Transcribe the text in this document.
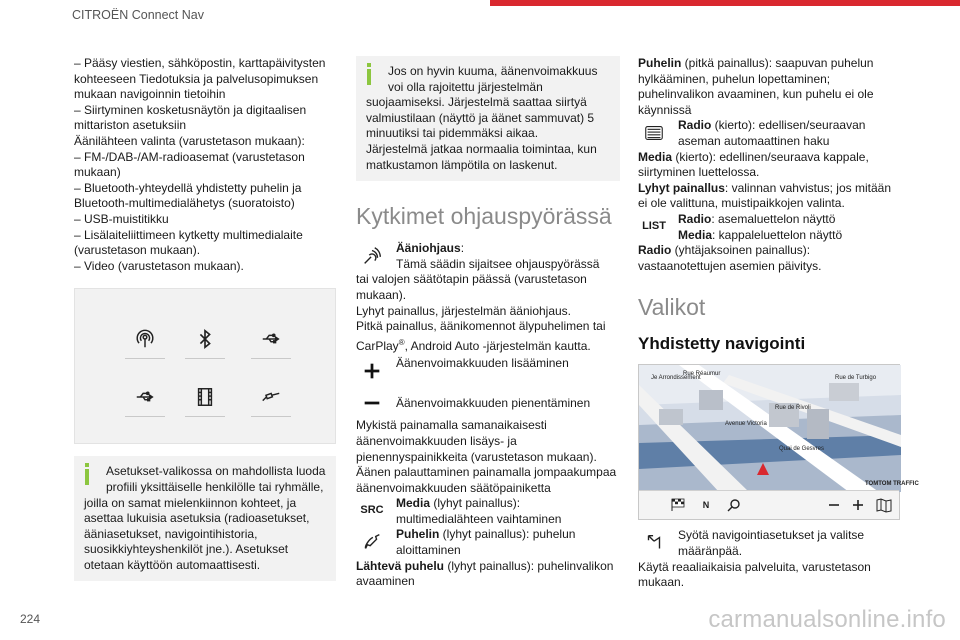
CITROËN Connect Nav
– Pääsy viestien, sähköpostin, karttapäivitysten
kohteeseen Tiedotuksia ja palvelusopimuksen
mukaan navigoinnin tietoihin
– Siirtyminen kosketusnäytön ja digitaalisen
mittariston asetuksiin
Äänilähteen valinta (varustetason mukaan):
– FM-/DAB-/AM-radioasemat (varustetason
mukaan)
– Bluetooth-yhteydellä yhdistetty puhelin ja
Bluetooth-multimedialähetys (suoratoisto)
– USB-muistitikku
– Lisälaiteliittimeen kytketty multimedialaite
(varustetason mukaan).
– Video (varustetason mukaan).
Asetukset-valikossa on mahdollista luoda
profiili yksittäiselle henkilölle tai ryhmälle,
joilla on samat mielenkiinnon kohteet, ja
asettaa lukuisia asetuksia (radioasetukset,
ääniasetukset, navigointihistoria,
suosikkiyhteyshenkilöt jne.). Asetukset
otetaan käyttöön automaattisesti.
Jos on hyvin kuuma, äänenvoimakkuus
voi olla rajoitettu järjestelmän
suojaamiseksi. Järjestelmä saattaa siirtyä
valmiustilaan (näyttö ja äänet sammuvat) 5
minuutiksi tai pidemmäksi aikaa.
Järjestelmä jatkaa normaalia toimintaa, kun
matkustamon lämpötila on laskenut.
Kytkimet ohjauspyörässä
Ääniohjaus:
Tämä säädin sijaitsee ohjauspyörässä
tai valojen säätötapin päässä (varustetason
mukaan).
Lyhyt painallus, järjestelmän ääniohjaus.
Pitkä painallus, äänikomennot älypuhelimen tai
CarPlay®, Android Auto -järjestelmän kautta.
Äänenvoimakkuuden lisääminen
Äänenvoimakkuuden pienentäminen
Mykistä painamalla samanaikaisesti
äänenvoimakkuuden lisäys- ja
pienennyspainikkeita (varustetason mukaan).
Äänen palauttaminen painamalla jompaakumpaa
äänenvoimakkuuden säätöpainiketta
SRC
Media (lyhyt painallus):
multimedialähteen vaihtaminen
Puhelin (lyhyt painallus): puhelun
aloittaminen
Lähtevä puhelu (lyhyt painallus): puhelinvalikon
avaaminen
Puhelin (pitkä painallus): saapuvan puhelun
hylkääminen, puhelun lopettaminen;
puhelinvalikon avaaminen, kun puhelu ei ole
käynnissä
Radio (kierto): edellisen/seuraavan
aseman automaattinen haku
Media (kierto): edellinen/seuraava kappale,
siirtyminen luettelossa.
Lyhyt painallus: valinnan vahvistus; jos mitään
ei ole valittuna, muistipaikkojen valinta.
LIST
Radio: asemaluettelon näyttö
Media: kappaleluettelon näyttö
Radio (yhtäjaksoinen painallus):
vastaanotettujen asemien päivitys.
Valikot
Yhdistetty navigointi
Je Arrondissement
Rue Réaumur
Rue de Turbigo
Rue de Rivoli
Avenue Victoria
Quai de Gesvres
TOMTOM TRAFFIC
N
Syötä navigointiasetukset ja valitse
määränpää.
Käytä reaaliaikaisia palveluita, varustetason
mukaan.
224	carmanualsonline.info
